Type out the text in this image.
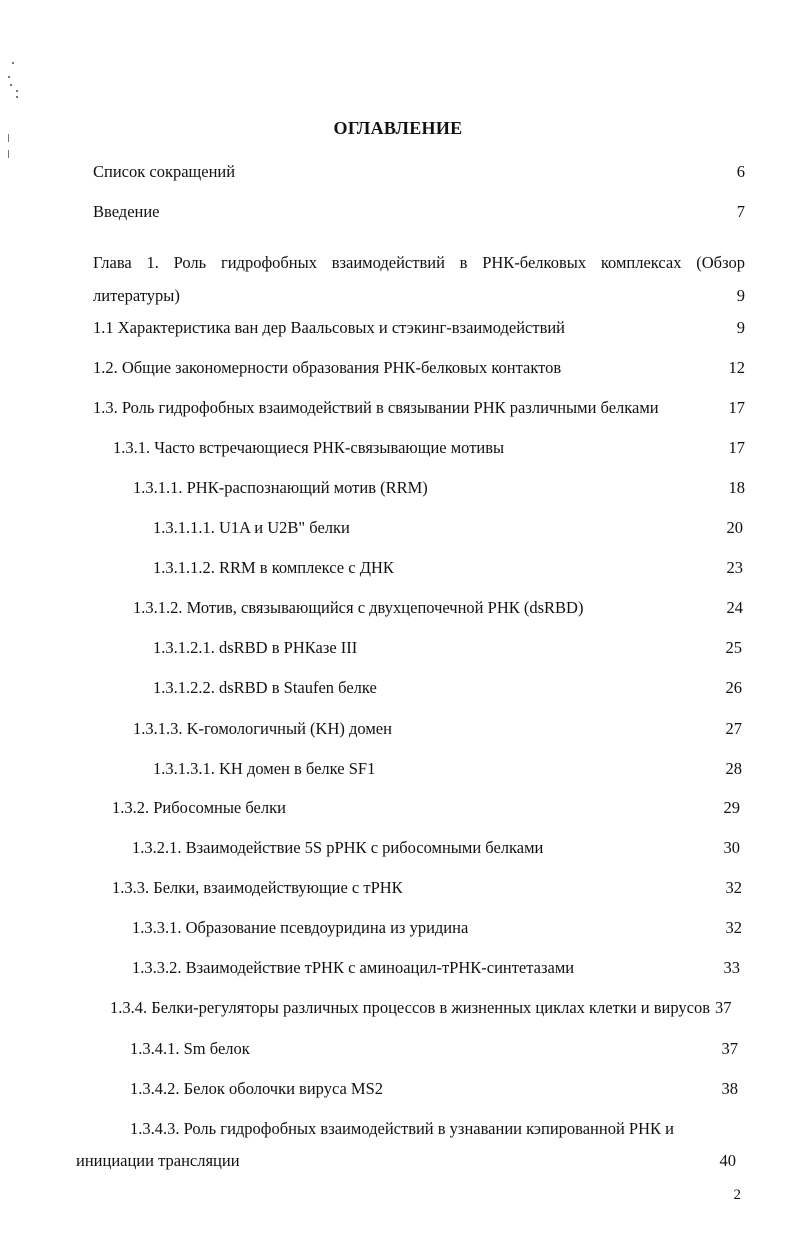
ОГЛАВЛЕНИЕ
Список сокращений	6
Введение	7
Глава 1. Роль гидрофобных взаимодействий в РНК-белковых комплексах (Обзор
литературы)	9
1.1 Характеристика ван дер Ваальсовых и стэкинг-взаимодействий	9
1.2. Общие закономерности образования РНК-белковых контактов	12
1.3. Роль гидрофобных взаимодействий в связывании РНК различными белками	17
1.3.1. Часто встречающиеся РНК-связывающие мотивы	17
1.3.1.1. РНК-распознающий мотив (RRM)	18
1.3.1.1.1. U1A и U2B" белки	20
1.3.1.1.2. RRM в комплексе с ДНК	23
1.3.1.2. Мотив, связывающийся с двухцепочечной РНК (dsRBD)	24
1.3.1.2.1. dsRBD в РНКазе III	25
1.3.1.2.2. dsRBD в Staufen белке	26
1.3.1.3. K-гомологичный (KH) домен	27
1.3.1.3.1. KH домен в белке SF1	28
1.3.2. Рибосомные белки	29
1.3.2.1. Взаимодействие 5S рРНК с рибосомными белками	30
1.3.3. Белки, взаимодействующие с тРНК	32
1.3.3.1. Образование псевдоуридина из уридина	32
1.3.3.2. Взаимодействие тРНК с аминоацил-тРНК-синтетазами	33
1.3.4. Белки-регуляторы различных процессов в жизненных циклах клетки и вирусов 37
1.3.4.1. Sm белок	37
1.3.4.2. Белок оболочки вируса MS2	38
1.3.4.3. Роль гидрофобных взаимодействий в узнавании кэпированной РНК и
инициации трансляции	40
2
